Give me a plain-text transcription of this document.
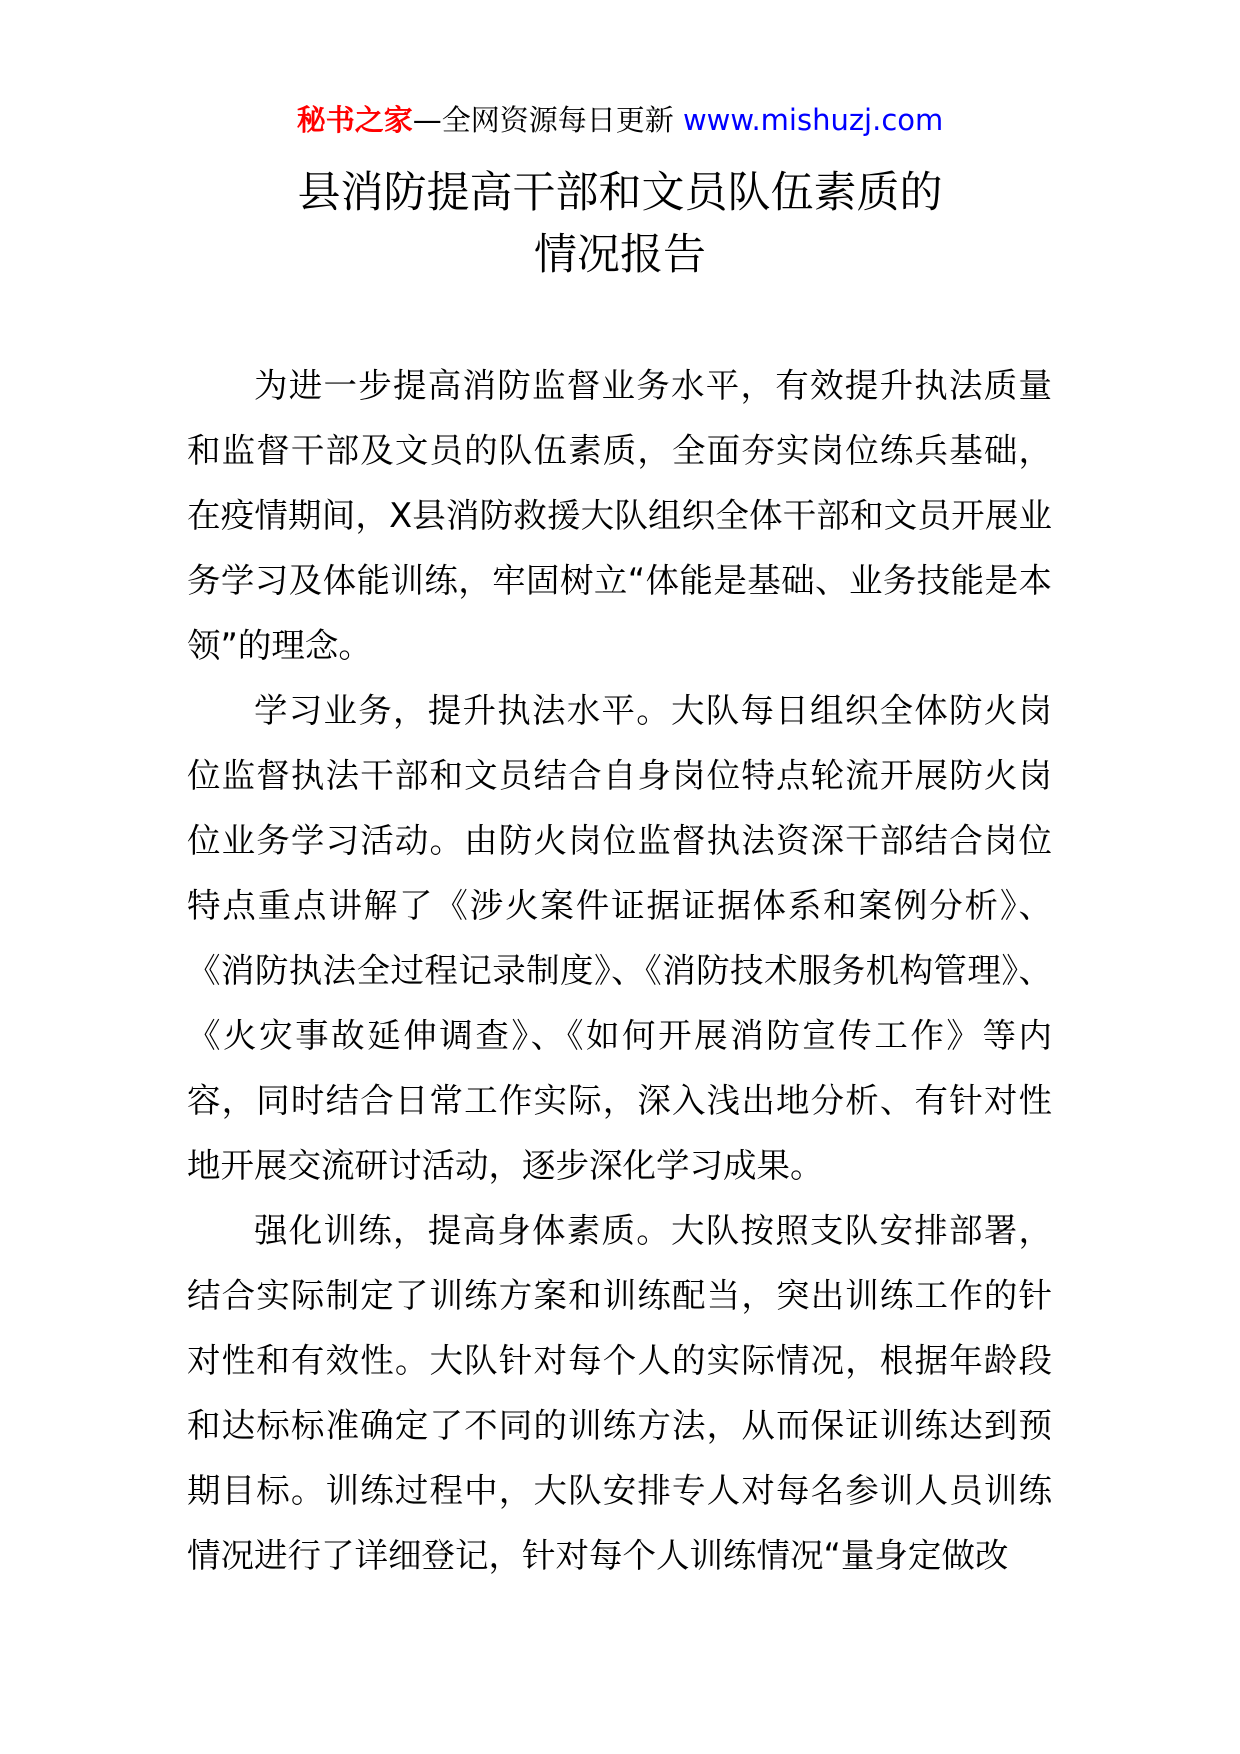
秘书之家—全网资源每日更新 www.mishuzj.com
县消防提高干部和文员队伍素质的
情况报告

为进一步提高消防监督业务水平，有效提升执法质量和监督干部及文员的队伍素质，全面夯实岗位练兵基础，在疫情期间，X县消防救援大队组织全体干部和文员开展业务学习及体能训练，牢固树立“体能是基础、业务技能是本领”的理念。

学习业务，提升执法水平。大队每日组织全体防火岗位监督执法干部和文员结合自身岗位特点轮流开展防火岗位业务学习活动。由防火岗位监督执法资深干部结合岗位特点重点讲解了《涉火案件证据证据体系和案例分析》、《消防执法全过程记录制度》、《消防技术服务机构管理》、《火灾事故延伸调查》、《如何开展消防宣传工作》等内容，同时结合日常工作实际，深入浅出地分析、有针对性地开展交流研讨活动，逐步深化学习成果。

强化训练，提高身体素质。大队按照支队安排部署，结合实际制定了训练方案和训练配当，突出训练工作的针对性和有效性。大队针对每个人的实际情况，根据年龄段和达标标准确定了不同的训练方法，从而保证训练达到预期目标。训练过程中，大队安排专人对每名参训人员训练情况进行了详细登记，针对每个人训练情况“量身定做改
